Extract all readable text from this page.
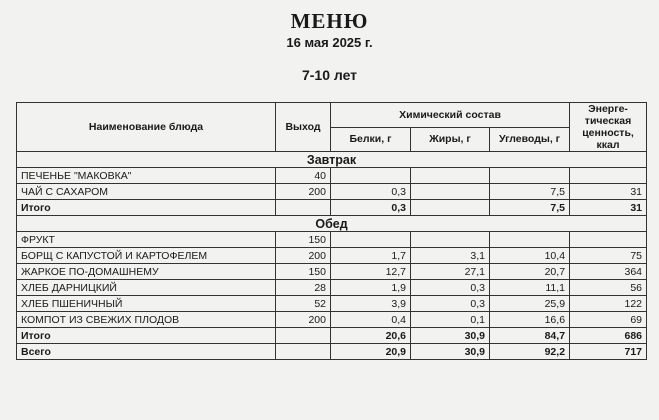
МЕНЮ
16 мая 2025 г.
7-10 лет
Наименование блюда	Выход	Химический состав			Энерге-тическая ценность, ккал
		Белки, г	Жиры, г	Углеводы, г	
Завтрак					
ПЕЧЕНЬЕ "МАКОВКА"	40				
ЧАЙ С САХАРОМ	200	0,3		7,5	31
Итого		0,3		7,5	31
Обед					
ФРУКТ	150				
БОРЩ С КАПУСТОЙ И КАРТОФЕЛЕМ	200	1,7	3,1	10,4	75
ЖАРКОЕ ПО-ДОМАШНЕМУ	150	12,7	27,1	20,7	364
ХЛЕБ ДАРНИЦКИЙ	28	1,9	0,3	11,1	56
ХЛЕБ ПШЕНИЧНЫЙ	52	3,9	0,3	25,9	122
КОМПОТ ИЗ СВЕЖИХ ПЛОДОВ	200	0,4	0,1	16,6	69
Итого		20,6	30,9	84,7	686
Всего		20,9	30,9	92,2	717
